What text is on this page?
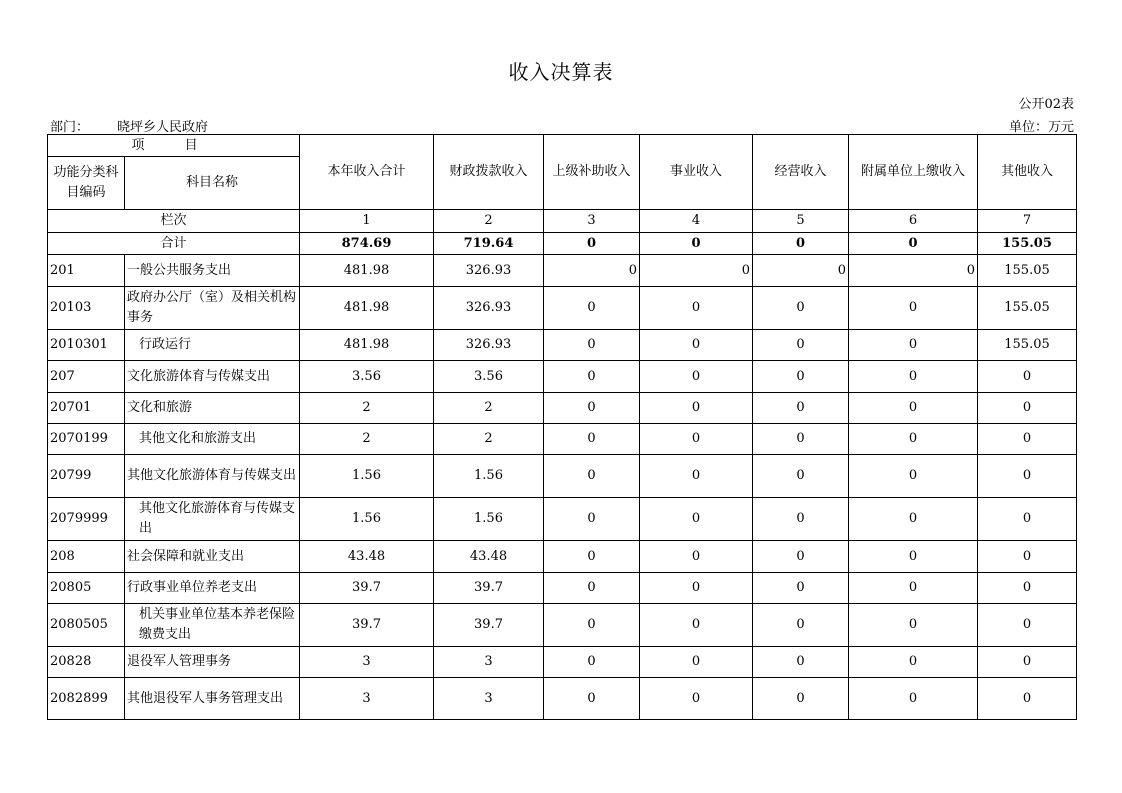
收入决算表
公开02表
部门： 晓坪乡人民政府	单位：万元
项 目		本年收入合计	财政拨款收入	上级补助收入	事业收入	经营收入	附属单位上缴收入	其他收入
功能分类科目编码	科目名称							
栏次		1	2	3	4	5	6	7
合计		874.69	719.64	0	0	0	0	155.05
201	一般公共服务支出	481.98	326.93	0	0	0	0	155.05
20103	政府办公厅（室）及相关机构事务	481.98	326.93	0	0	0	0	155.05
2010301	行政运行	481.98	326.93	0	0	0	0	155.05
207	文化旅游体育与传媒支出	3.56	3.56	0	0	0	0	0
20701	文化和旅游	2	2	0	0	0	0	0
2070199	其他文化和旅游支出	2	2	0	0	0	0	0
20799	其他文化旅游体育与传媒支出	1.56	1.56	0	0	0	0	0
2079999	其他文化旅游体育与传媒支出	1.56	1.56	0	0	0	0	0
208	社会保障和就业支出	43.48	43.48	0	0	0	0	0
20805	行政事业单位养老支出	39.7	39.7	0	0	0	0	0
2080505	机关事业单位基本养老保险缴费支出	39.7	39.7	0	0	0	0	0
20828	退役军人管理事务	3	3	0	0	0	0	0
2082899	其他退役军人事务管理支出	3	3	0	0	0	0	0
